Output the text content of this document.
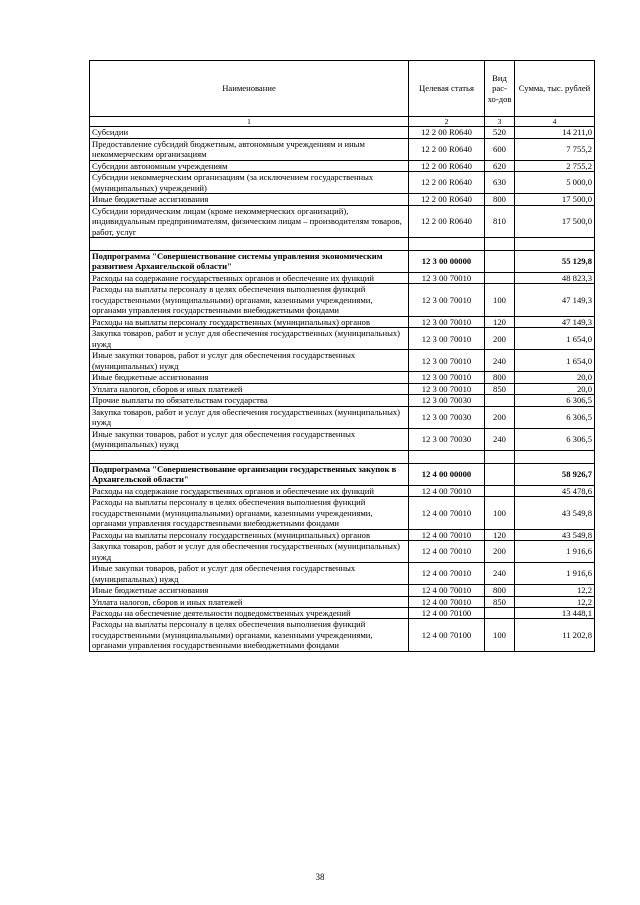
Наименование	Целевая статья	Вид рас-хо-дов	Сумма, тыс. рублей
1	2	3	4
Субсидии	12 2 00 R0640	520	14 211,0
Предоставление субсидий бюджетным, автономным учреждениям и иным некоммерческим организациям	12 2 00 R0640	600	7 755,2
Субсидии автономным учреждениям	12 2 00 R0640	620	2 755,2
Субсидии некоммерческим организациям (за исключением государственных (муниципальных) учреждений)	12 2 00 R0640	630	5 000,0
Иные бюджетные ассигнования	12 2 00 R0640	800	17 500,0
Субсидии юридическим лицам (кроме некоммерческих организаций), индивидуальным предпринимателям, физическим лицам – производителям товаров, работ, услуг	12 2 00 R0640	810	17 500,0

Подпрограмма "Совершенствование системы управления экономическим развитием Архангельской области"	12 3 00 00000		55 129,8
Расходы на содержание государственных органов и обеспечение их функций	12 3 00 70010		48 823,3
Расходы на выплаты персоналу в целях обеспечения выполнения функций государственными (муниципальными) органами, казенными учреждениями, органами управления государственными внебюджетными фондами	12 3 00 70010	100	47 149,3
Расходы на выплаты персоналу государственных (муниципальных) органов	12 3 00 70010	120	47 149,3
Закупка товаров, работ и услуг для обеспечения государственных (муниципальных) нужд	12 3 00 70010	200	1 654,0
Иные закупки товаров, работ и услуг для обеспечения государственных (муниципальных) нужд	12 3 00 70010	240	1 654,0
Иные бюджетные ассигнования	12 3 00 70010	800	20,0
Уплата налогов, сборов и иных платежей	12 3 00 70010	850	20,0
Прочие выплаты по обязательствам государства	12 3 00 70030		6 306,5
Закупка товаров, работ и услуг для обеспечения государственных (муниципальных) нужд	12 3 00 70030	200	6 306,5
Иные закупки товаров, работ и услуг для обеспечения государственных (муниципальных) нужд	12 3 00 70030	240	6 306,5

Подпрограмма "Совершенствование организации государственных закупок в Архангельской области"	12 4 00 00000		58 926,7
Расходы на содержание государственных органов и обеспечение их функций	12 4 00 70010		45 478,6
Расходы на выплаты персоналу в целях обеспечения выполнения функций государственными (муниципальными) органами, казенными учреждениями, органами управления государственными внебюджетными фондами	12 4 00 70010	100	43 549,8
Расходы на выплаты персоналу государственных (муниципальных) органов	12 4 00 70010	120	43 549,8
Закупка товаров, работ и услуг для обеспечения государственных (муниципальных) нужд	12 4 00 70010	200	1 916,6
Иные закупки товаров, работ и услуг для обеспечения государственных (муниципальных) нужд	12 4 00 70010	240	1 916,6
Иные бюджетные ассигнования	12 4 00 70010	800	12,2
Уплата налогов, сборов и иных платежей	12 4 00 70010	850	12,2
Расходы на обеспечение деятельности подведомственных учреждений	12 4 00 70100		13 448,1
Расходы на выплаты персоналу в целях обеспечения выполнения функций государственными (муниципальными) органами, казенными учреждениями, органами управления государственными внебюджетными фондами	12 4 00 70100	100	11 202,8
38
